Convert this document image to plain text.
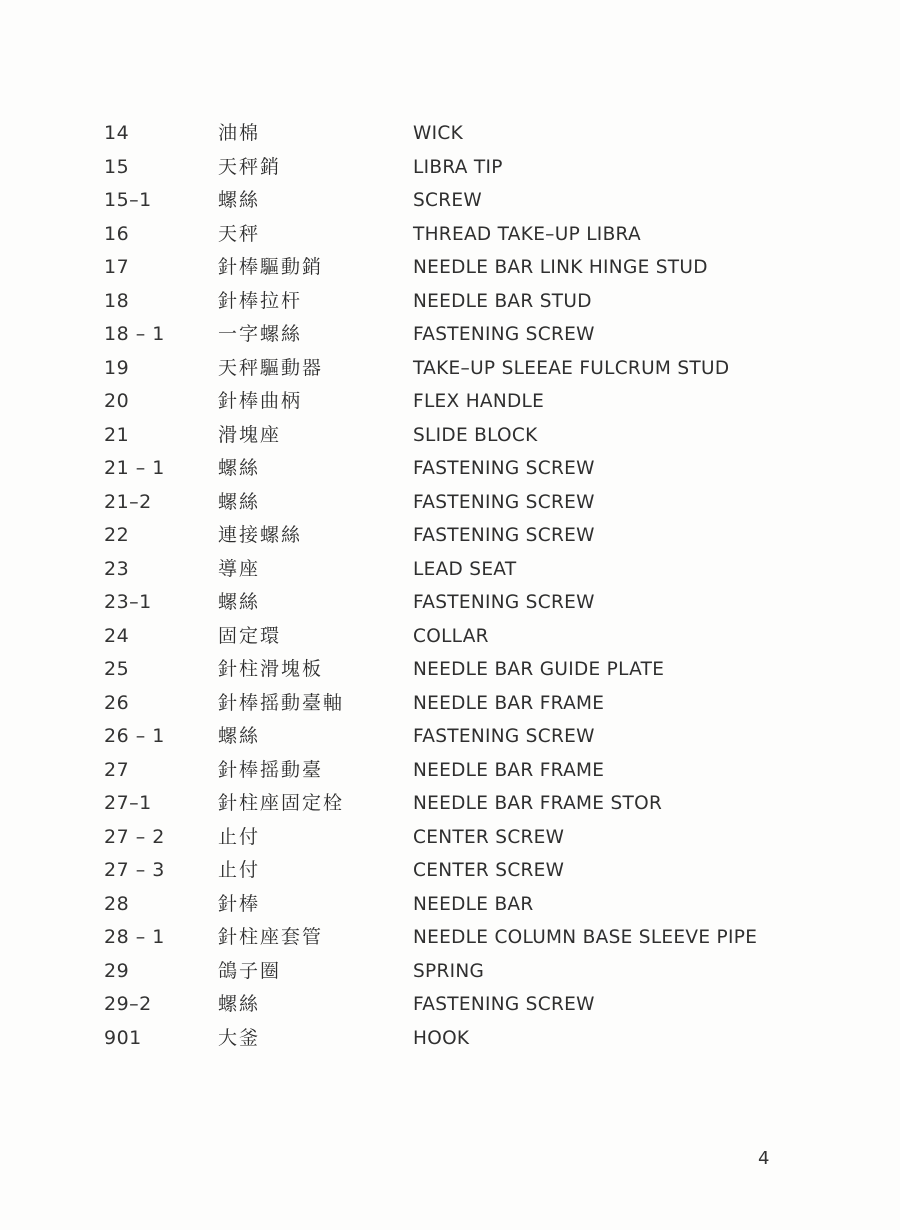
14	油棉	WICK
15	天秤銷	LIBRA TIP
15–1	螺絲	SCREW
16	天秤	THREAD TAKE–UP LIBRA
17	針棒驅動銷	NEEDLE BAR LINK HINGE STUD
18	針棒拉杆	NEEDLE BAR STUD
18 – 1	一字螺絲	FASTENING SCREW
19	天秤驅動器	TAKE–UP SLEEAE FULCRUM STUD
20	針棒曲柄	FLEX HANDLE
21	滑塊座	SLIDE BLOCK
21 – 1	螺絲	FASTENING SCREW
21–2	螺絲	FASTENING SCREW
22	連接螺絲	FASTENING SCREW
23	導座	LEAD SEAT
23–1	螺絲	FASTENING SCREW
24	固定環	COLLAR
25	針柱滑塊板	NEEDLE BAR GUIDE PLATE
26	針棒摇動臺軸	NEEDLE BAR FRAME
26 – 1	螺絲	FASTENING SCREW
27	針棒摇動臺	NEEDLE BAR FRAME
27–1	針柱座固定栓	NEEDLE BAR FRAME STOR
27 – 2	止付	CENTER SCREW
27 – 3	止付	CENTER SCREW
28	針棒	NEEDLE BAR
28 – 1	針柱座套管	NEEDLE COLUMN BASE SLEEVE PIPE
29	鴿子圈	SPRING
29–2	螺絲	FASTENING SCREW
901	大釜	HOOK
4
